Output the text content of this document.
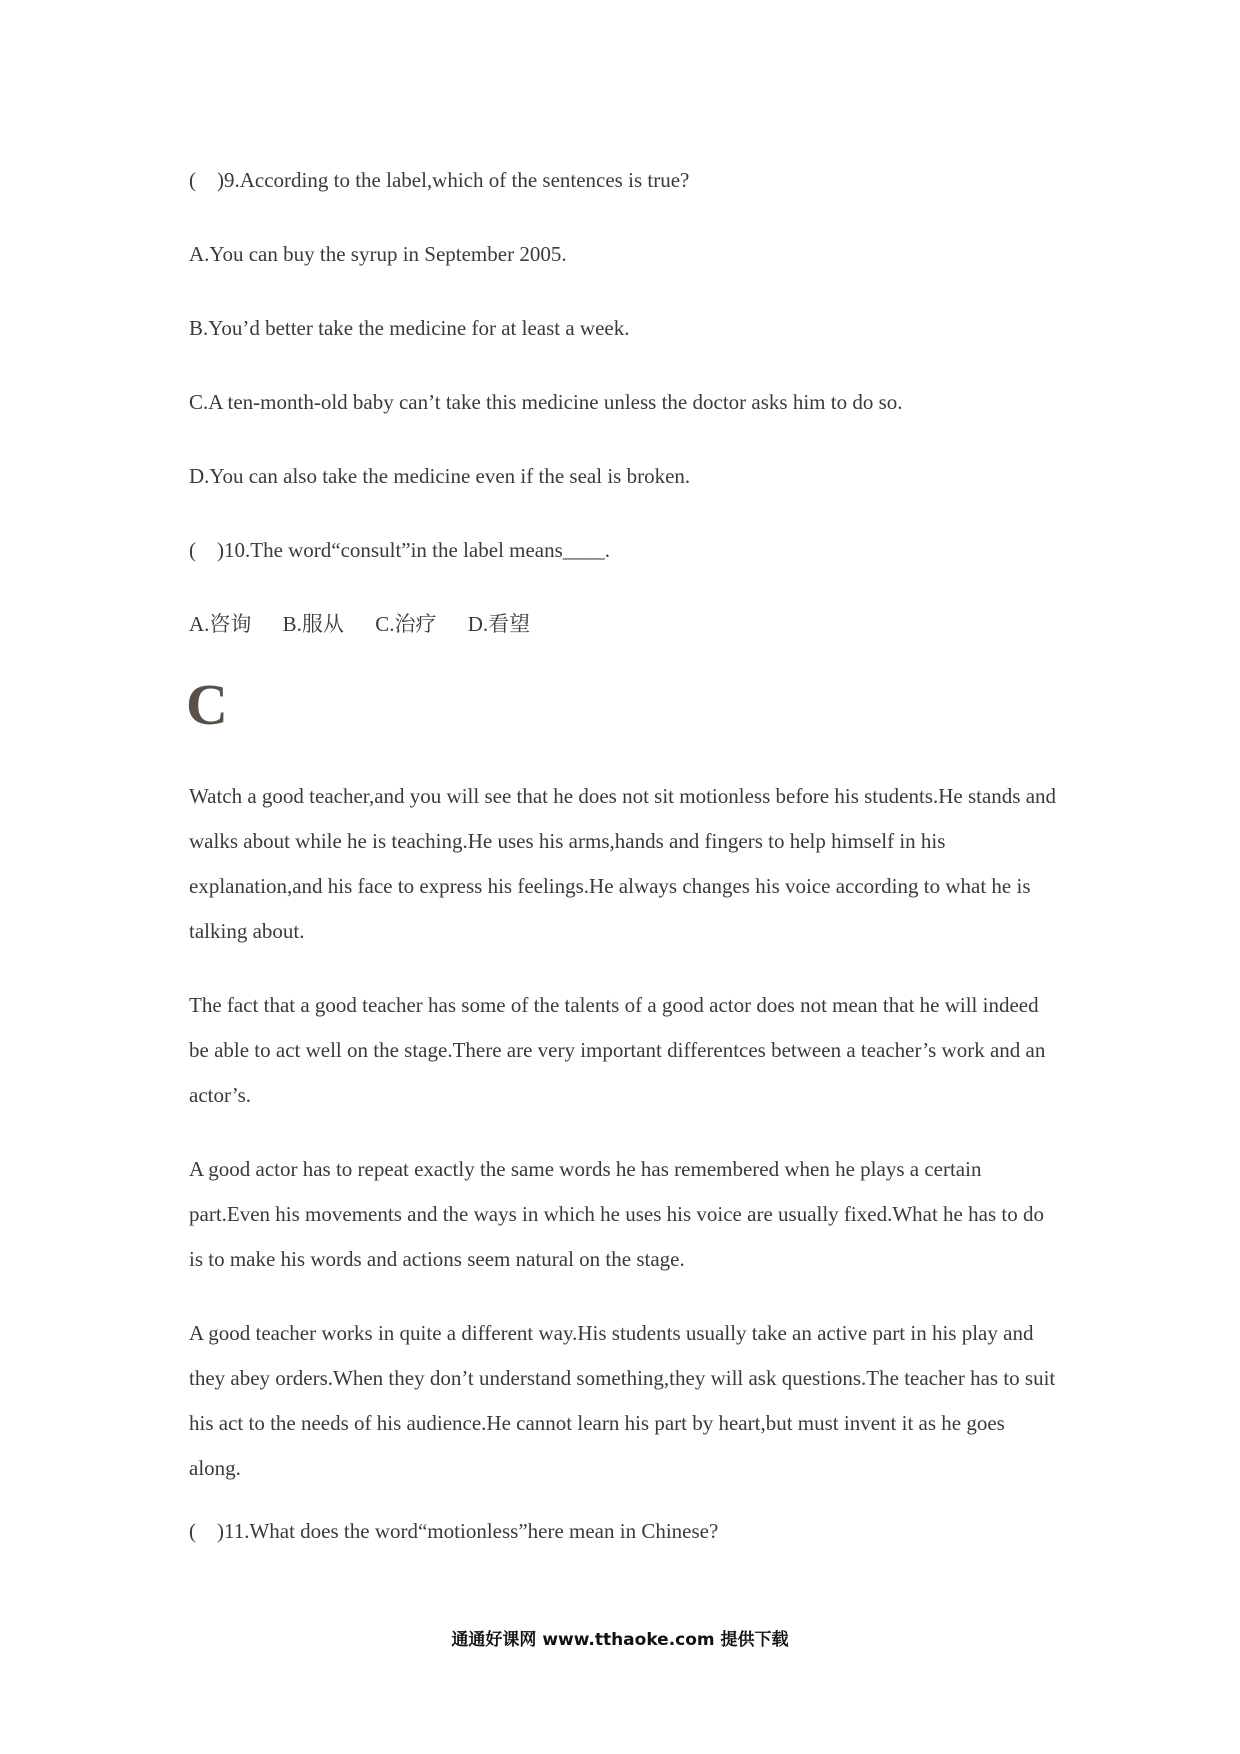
(    )9.According to the label,which of the sentences is true?
A.You can buy the syrup in September 2005.
B.You’d better take the medicine for at least a week.
C.A ten-month-old baby can’t take this medicine unless the doctor asks him to do so.
D.You can also take the medicine even if the seal is broken.
(    )10.The word“consult”in the label means____.
A.咨询 B.服从 C.治疗 D.看望
C
Watch a good teacher,and you will see that he does not sit motionless before his students.He stands and walks about while he is teaching.He uses his arms,hands and fingers to help himself in his explanation,and his face to express his feelings.He always changes his voice according to what he is talking about.
The fact that a good teacher has some of the talents of a good actor does not mean that he will indeed be able to act well on the stage.There are very important differentces between a teacher’s work and an actor’s.
A good actor has to repeat exactly the same words he has remembered when he plays a certain part.Even his movements and the ways in which he uses his voice are usually fixed.What he has to do is to make his words and actions seem natural on the stage.
A good teacher works in quite a different way.His students usually take an active part in his play and they abey orders.When they don’t understand something,they will ask questions.The teacher has to suit his act to the needs of his audience.He cannot learn his part by heart,but must invent it as he goes along.
(    )11.What does the word“motionless”here mean in Chinese?
通通好课网 www.tthaoke.com 提供下载
